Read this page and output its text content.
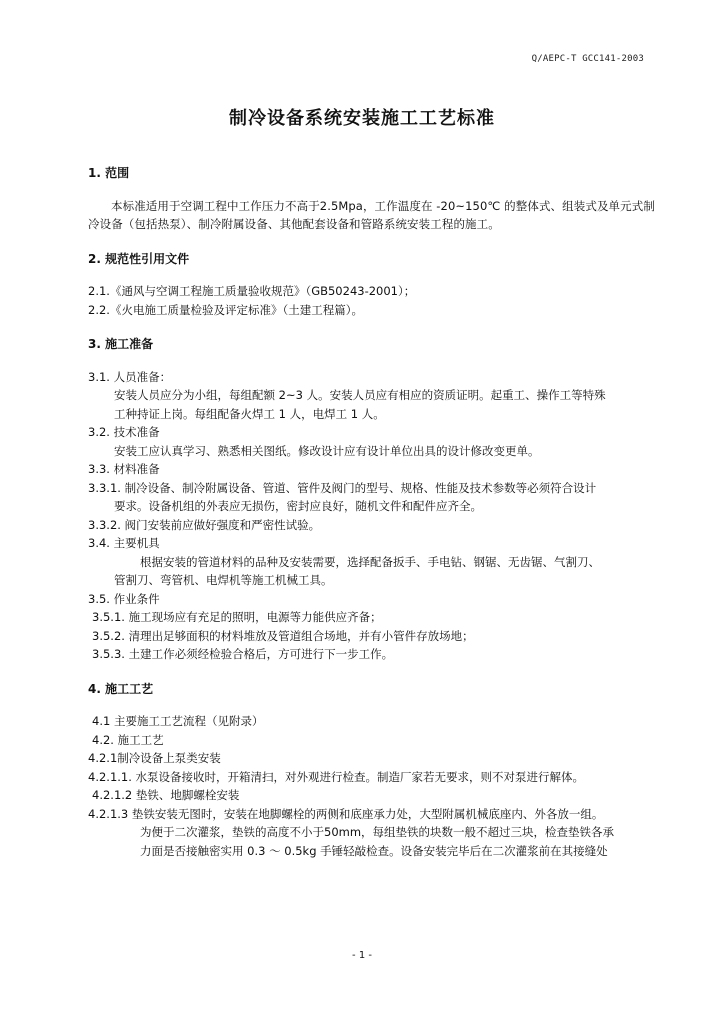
Q/AEPC-T GCC141-2003
制冷设备系统安装施工工艺标准
1. 范围
本标准适用于空调工程中工作压力不高于2.5Mpa，工作温度在 -20~150℃ 的整体式、组装式及单元式制冷设备（包括热泵）、制冷附属设备、其他配套设备和管路系统安装工程的施工。
2. 规范性引用文件
2.1.《通风与空调工程施工质量验收规范》（GB50243-2001）；
2.2.《火电施工质量检验及评定标准》（土建工程篇）。
3. 施工准备
3.1. 人员准备：
安装人员应分为小组，每组配额 2~3 人。安装人员应有相应的资质证明。起重工、操作工等特殊
工种持证上岗。每组配备火焊工 1 人，电焊工 1 人。
3.2. 技术准备
安装工应认真学习、熟悉相关图纸。修改设计应有设计单位出具的设计修改变更单。
3.3. 材料准备
3.3.1. 制冷设备、制冷附属设备、管道、管件及阀门的型号、规格、性能及技术参数等必须符合设计
要求。设备机组的外表应无损伤，密封应良好，随机文件和配件应齐全。
3.3.2. 阀门安装前应做好强度和严密性试验。
3.4. 主要机具
根据安装的管道材料的品种及安装需要，选择配备扳手、手电钻、钢锯、无齿锯、气割刀、
管割刀、弯管机、电焊机等施工机械工具。
3.5. 作业条件
3.5.1. 施工现场应有充足的照明，电源等力能供应齐备；
3.5.2. 清理出足够面积的材料堆放及管道组合场地，并有小管件存放场地；
3.5.3. 土建工作必须经检验合格后，方可进行下一步工作。
4. 施工工艺
4.1 主要施工工艺流程（见附录）
4.2. 施工工艺
4.2.1制冷设备上泵类安装
4.2.1.1. 水泵设备接收时，开箱清扫，对外观进行检查。制造厂家若无要求，则不对泵进行解体。
4.2.1.2 垫铁、地脚螺栓安装
4.2.1.3 垫铁安装无图时，安装在地脚螺栓的两侧和底座承力处，大型附属机械底座内、外各放一组。
为便于二次灌浆，垫铁的高度不小于50mm，每组垫铁的块数一般不超过三块，检查垫铁各承
力面是否接触密实用 0.3 ～ 0.5kg 手锤轻敲检查。设备安装完毕后在二次灌浆前在其接缝处
- 1 -
